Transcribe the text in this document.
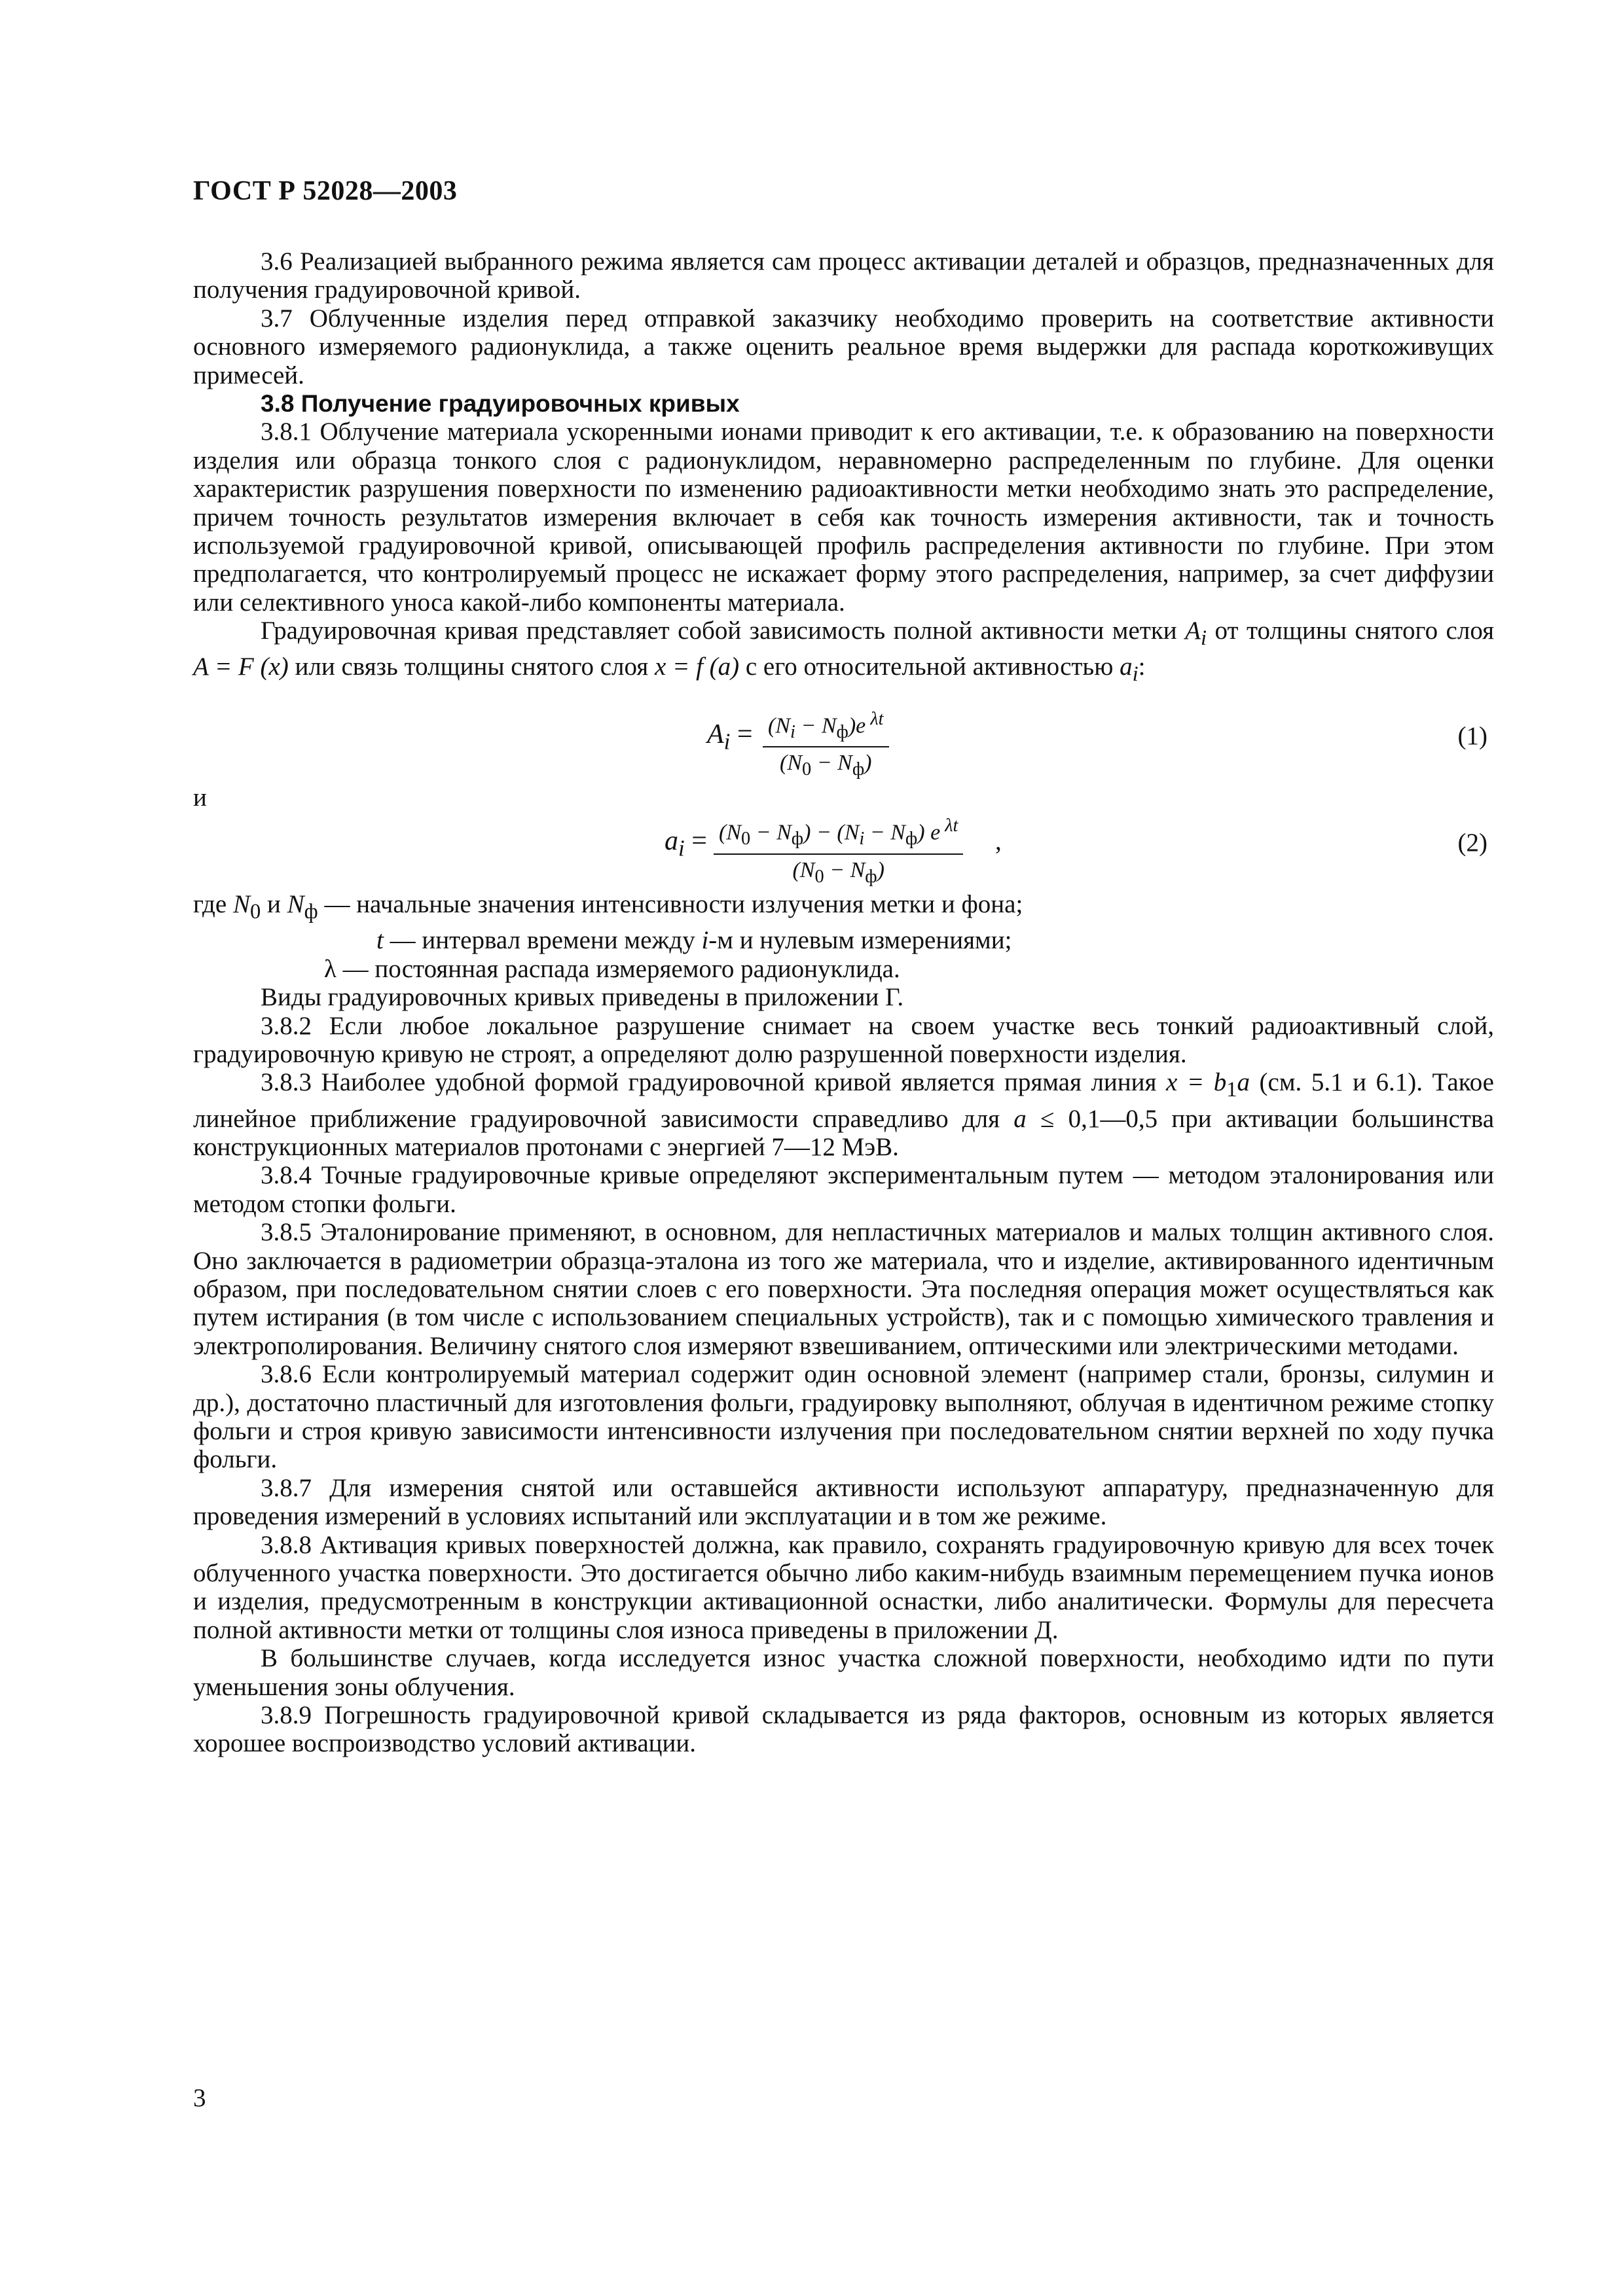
ГОСТ Р 52028—2003

3.6 Реализацией выбранного режима является сам процесс активации деталей и образцов, предназначенных для получения градуировочной кривой.

3.7 Облученные изделия перед отправкой заказчику необходимо проверить на соответствие активности основного измеряемого радионуклида, а также оценить реальное время выдержки для распада короткоживущих примесей.

3.8 Получение градуировочных кривых

3.8.1 Облучение материала ускоренными ионами приводит к его активации, т.е. к образованию на поверхности изделия или образца тонкого слоя с радионуклидом, неравномерно распределенным по глубине. Для оценки характеристик разрушения поверхности по изменению радиоактивности метки необходимо знать это распределение, причем точность результатов измерения включает в себя как точность измерения активности, так и точность используемой градуировочной кривой, описывающей профиль распределения активности по глубине. При этом предполагается, что контролируемый процесс не искажает форму этого распределения, например, за счет диффузии или селективного уноса какой-либо компоненты материала.

Градуировочная кривая представляет собой зависимость полной активности метки $A_i$ от толщины снятого слоя A = F (x) или связь толщины снятого слоя x = f (a) с его относительной активностью $a_i$:

$A_i = (N_i - N_ф)e$ $^{\lambda t}$
$(N_0 - N_ф)$
(1)

и

$a_i = (N_0 - N_ф) - (N_i - N_ф)$ e $^{\lambda t}$
$(N_0 - N_ф)$
,	(2)

где $N_0$ и $N_ф$ — начальные значения интенсивности излучения метки и фона;

t — интервал времени между i-м и нулевым измерениями;

λ — постоянная распада измеряемого радионуклида.

Виды градуировочных кривых приведены в приложении Г.

3.8.2 Если любое локальное разрушение снимает на своем участке весь тонкий радиоактивный слой, градуировочную кривую не строят, а определяют долю разрушенной поверхности изделия.

3.8.3 Наиболее удобной формой градуировочной кривой является прямая линия $x = b_1a$ (см. 5.1 и 6.1). Такое линейное приближение градуировочной зависимости справедливо для a ≤ 0,1—0,5 при активации большинства конструкционных материалов протонами с энергией 7—12 МэВ.

3.8.4 Точные градуировочные кривые определяют экспериментальным путем — методом эталонирования или методом стопки фольги.

3.8.5 Эталонирование применяют, в основном, для непластичных материалов и малых толщин активного слоя. Оно заключается в радиометрии образца-эталона из того же материала, что и изделие, активированного идентичным образом, при последовательном снятии слоев с его поверхности. Эта последняя операция может осуществляться как путем истирания (в том числе с использованием специальных устройств), так и с помощью химического травления и электрополирования. Величину снятого слоя измеряют взвешиванием, оптическими или электрическими методами.

3.8.6 Если контролируемый материал содержит один основной элемент (например стали, бронзы, силумин и др.), достаточно пластичный для изготовления фольги, градуировку выполняют, облучая в идентичном режиме стопку фольги и строя кривую зависимости интенсивности излучения при последовательном снятии верхней по ходу пучка фольги.

3.8.7 Для измерения снятой или оставшейся активности используют аппаратуру, предназначенную для проведения измерений в условиях испытаний или эксплуатации и в том же режиме.

3.8.8 Активация кривых поверхностей должна, как правило, сохранять градуировочную кривую для всех точек облученного участка поверхности. Это достигается обычно либо каким-нибудь взаимным перемещением пучка ионов и изделия, предусмотренным в конструкции активационной оснастки, либо аналитически. Формулы для пересчета полной активности метки от толщины слоя износа приведены в приложении Д.

В большинстве случаев, когда исследуется износ участка сложной поверхности, необходимо идти по пути уменьшения зоны облучения.

3.8.9 Погрешность градуировочной кривой складывается из ряда факторов, основным из которых является хорошее воспроизводство условий активации.

3
